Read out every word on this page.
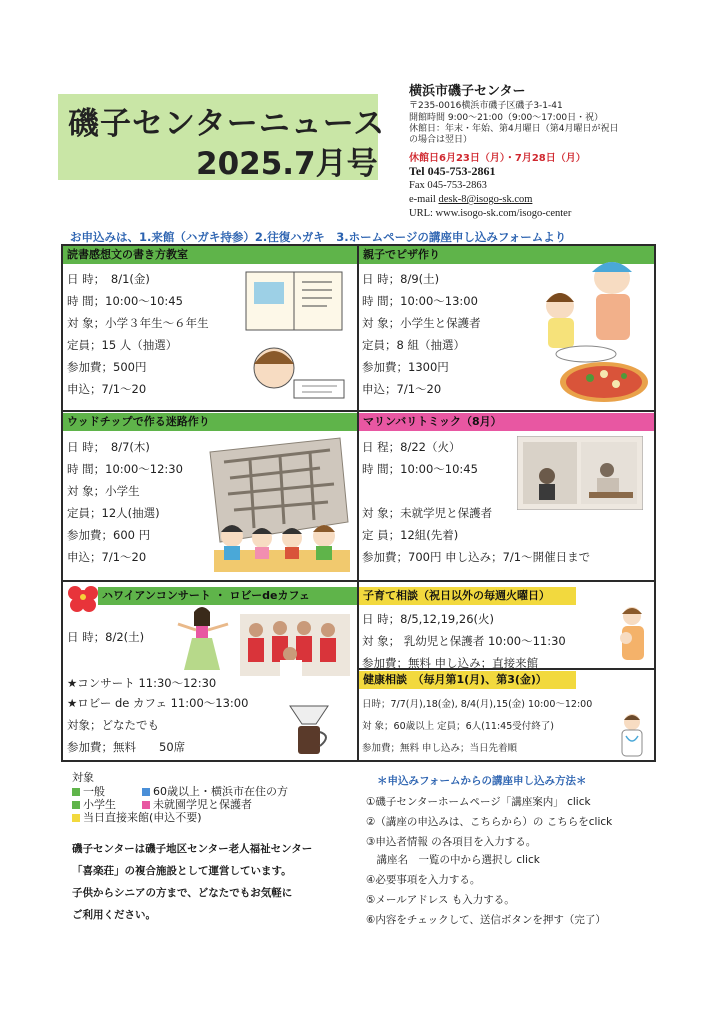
磯子センターニュース
2025.7月号
横浜市磯子センター
〒235-0016横浜市磯子区磯子3-1-41
開館時間 9:00～21:00（9:00～17:00日・祝）
休館日：年末・年始、第4月曜日（第4月曜日が祝日
の場合は翌日）
休館日6月23日（月）・7月28日（月）
Tel 045-753-2861
Fax 045-753-2863
e-mail desk-8@isogo-sk.com
URL: www.isogo-sk.com/isogo-center
お申込みは、1.来館（ハガキ持参）2.往復ハガキ　3.ホームページの講座申し込みフォームより
読書感想文の書き方教室
日 時；　8/1(金)
時 間；10:00～10:45
対 象；小学３年生～６年生
定員；15 人（抽選）
参加費；500円
申込；7/1～20
親子でピザ作り
日 時；8/9(土)
時 間；10:00～13:00
対 象；小学生と保護者
定員；8 組（抽選）
参加費；1300円
申込；7/1～20
ウッドチップで作る迷路作り
日 時；　8/7(木)
時 間；10:00～12:30
対 象；小学生
定員；12人(抽選)
参加費；600 円
申込；7/1～20
マリンバリトミック（8月）
日 程；8/22（火）
時 間；10:00～10:45
対 象；未就学児と保護者
定 員；12組(先着)
参加費；700円 申し込み；7/1～開催日まで
ハワイアンコンサート ・ ロビーdeカフェ
日 時；8/2(土)
★コンサート 11:30～12:30
★ロビー de カフェ 11:00～13:00
対象；どなたでも
参加費；無料　　50席
子育て相談（祝日以外の毎週火曜日）
日 時；8/5,12,19,26(火)
対 象； 乳幼児と保護者 10:00～11:30
参加費；無料 申し込み；直接来館
健康相談　（毎月第1(月)、第3(金)）
日時；7/7(月),18(金), 8/4(月),15(金) 10:00～12:00
対 象；60歳以上 定員；6人(11:45受付終了)
参加費；無料 申し込み；当日先着順
対象
一般	60歳以上・横浜市在住の方
小学生	未就園学児と保護者
当日直接来館(申込不要)
磯子センターは磯子地区センター老人福祉センター
「喜楽荘」の複合施設として運営しています。
子供からシニアの方まで、どなたでもお気軽に
ご利用ください。
＊申込みフォームからの講座申し込み方法＊
①磯子センターホームページ「講座案内」 click
②（講座の申込みは、こちらから）の こちらをclick
③申込者情報 の各項目を入力する。
　講座名　一覧の中から選択し click
④必要事項を入力する。
⑤メールアドレス も入力する。
⑥内容をチェックして、送信ボタンを押す（完了）
